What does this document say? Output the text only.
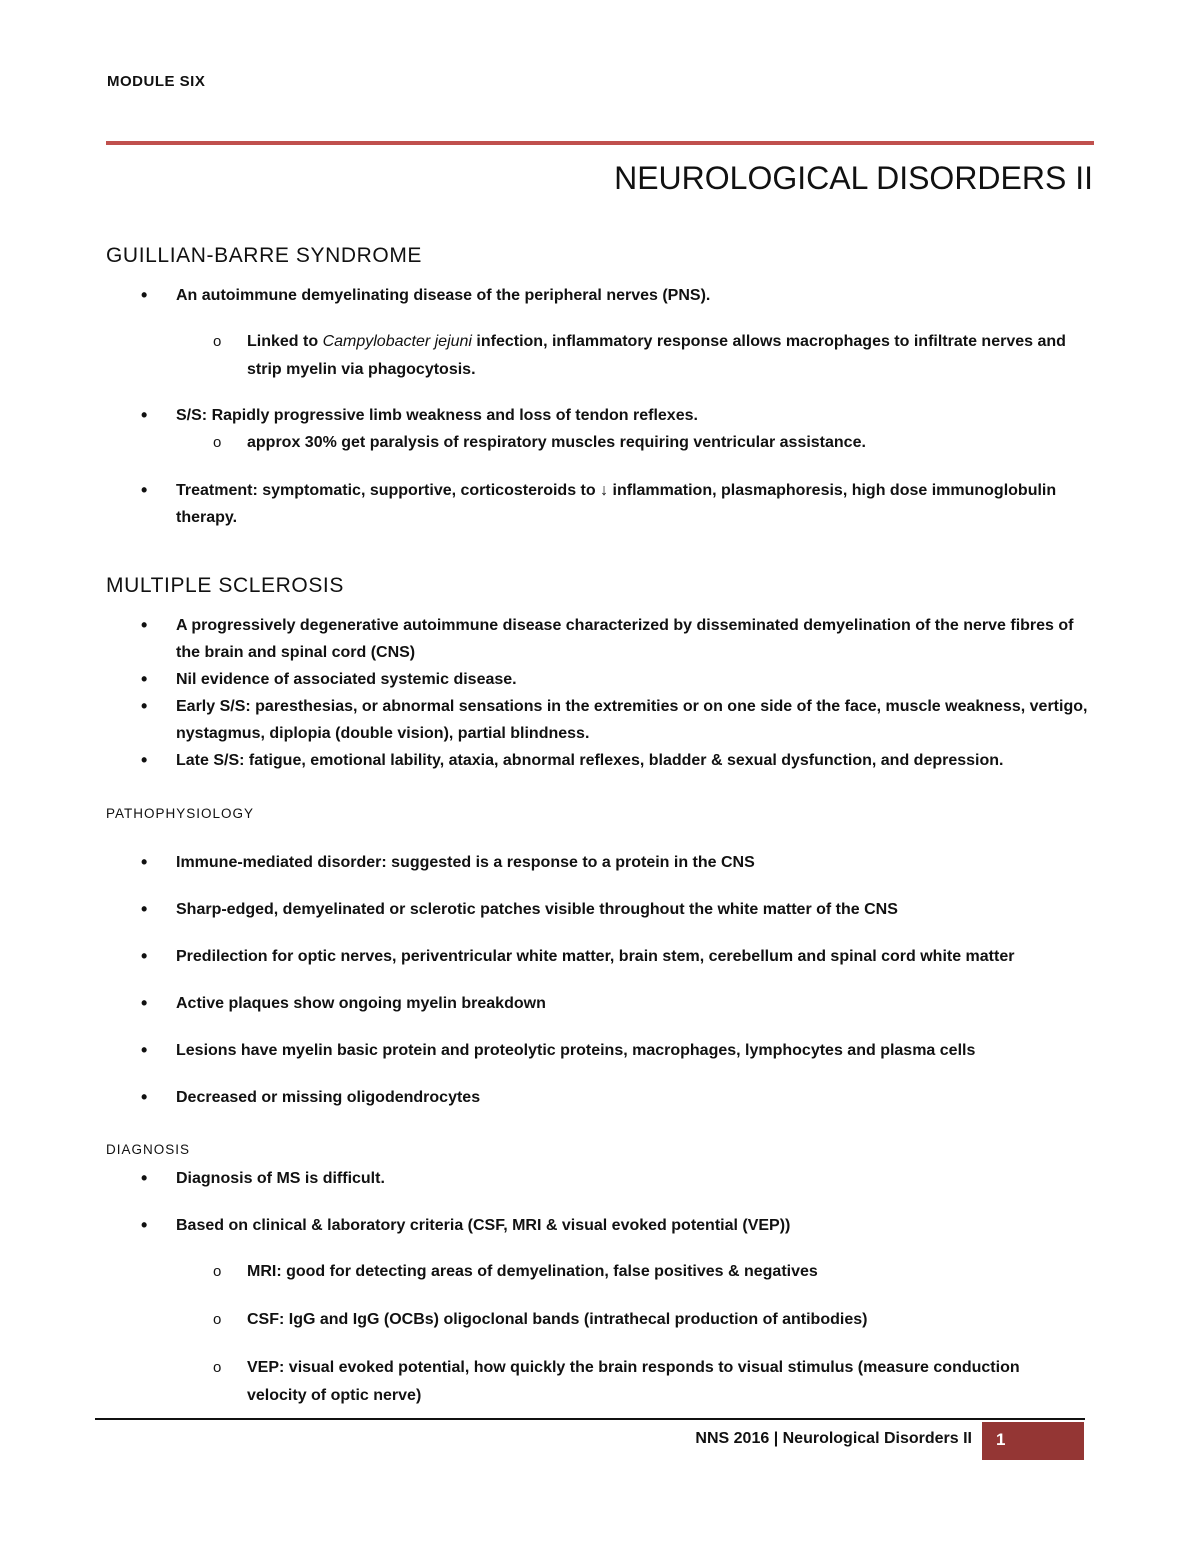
MODULE SIX
NEUROLOGICAL DISORDERS II
GUILLIAN-BARRE SYNDROME
• An autoimmune demyelinating disease of the peripheral nerves (PNS).
o Linked to Campylobacter jejuni infection, inflammatory response allows macrophages to infiltrate nerves and strip myelin via phagocytosis.
• S/S: Rapidly progressive limb weakness and loss of tendon reflexes.
o approx 30% get paralysis of respiratory muscles requiring ventricular assistance.
• Treatment: symptomatic, supportive, corticosteroids to ↓ inflammation, plasmaphoresis, high dose immunoglobulin therapy.
MULTIPLE SCLEROSIS
• A progressively degenerative autoimmune disease characterized by disseminated demyelination of the nerve fibres of the brain and spinal cord (CNS)
• Nil evidence of associated systemic disease.
• Early S/S: paresthesias, or abnormal sensations in the extremities or on one side of the face, muscle weakness, vertigo, nystagmus, diplopia (double vision), partial blindness.
• Late S/S: fatigue, emotional lability, ataxia, abnormal reflexes, bladder & sexual dysfunction, and depression.
PATHOPHYSIOLOGY
• Immune-mediated disorder: suggested is a response to a protein in the CNS
• Sharp-edged, demyelinated or sclerotic patches visible throughout the white matter of the CNS
• Predilection for optic nerves, periventricular white matter, brain stem, cerebellum and spinal cord white matter
• Active plaques show ongoing myelin breakdown
• Lesions have myelin basic protein and proteolytic proteins, macrophages, lymphocytes and plasma cells
• Decreased or missing oligodendrocytes
DIAGNOSIS
• Diagnosis of MS is difficult.
• Based on clinical & laboratory criteria (CSF, MRI & visual evoked potential (VEP))
o MRI: good for detecting areas of demyelination, false positives & negatives
o CSF: IgG and IgG (OCBs) oligoclonal bands (intrathecal production of antibodies)
o VEP: visual evoked potential, how quickly the brain responds to visual stimulus (measure conduction velocity of optic nerve)
NNS 2016 | Neurological Disorders II 1
